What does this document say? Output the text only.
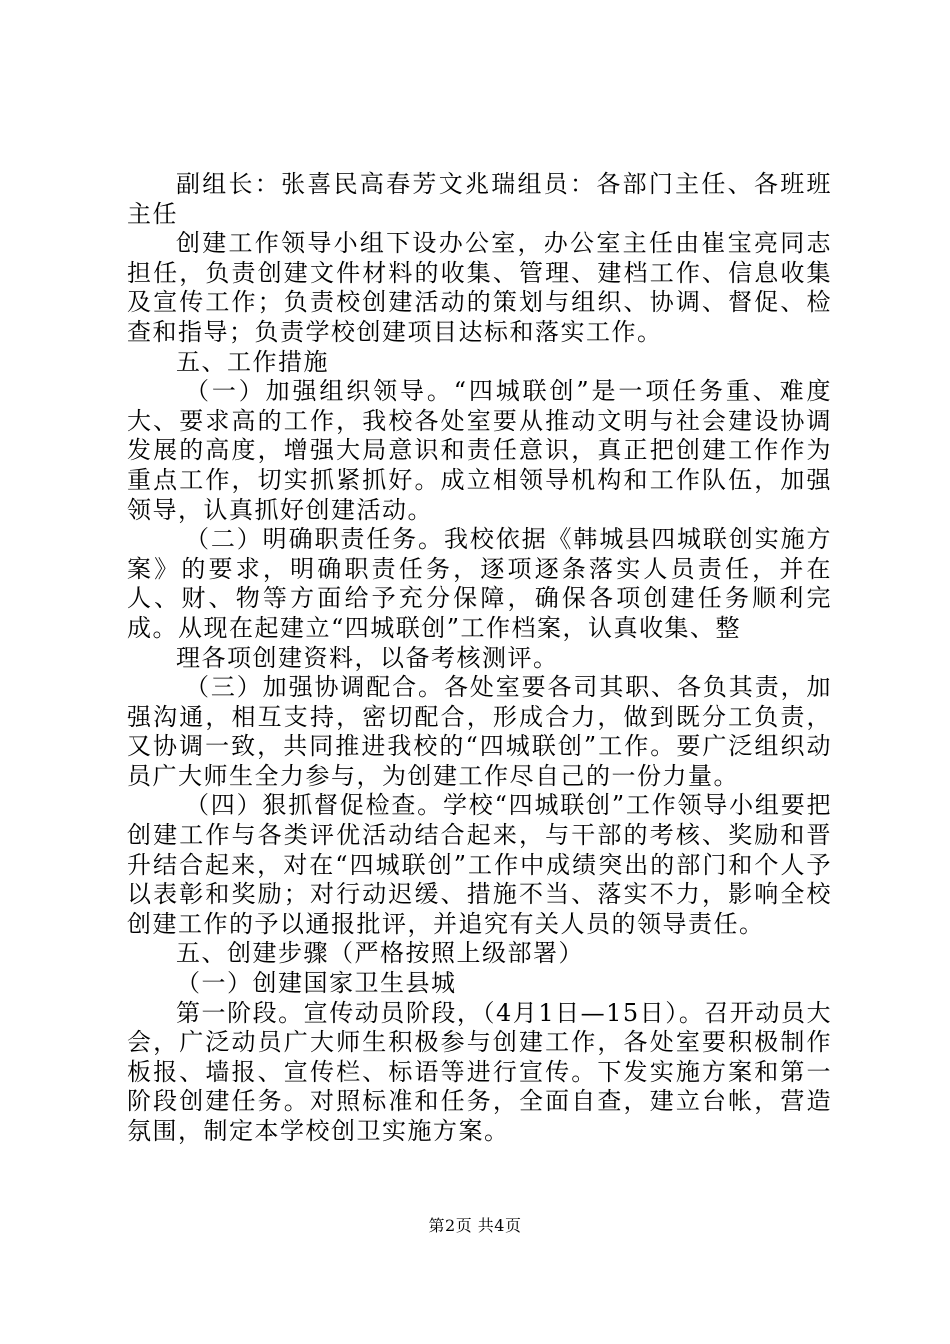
副组长：张喜民高春芳文兆瑞组员：各部门主任、各班班主任

创建工作领导小组下设办公室，办公室主任由崔宝亮同志担任，负责创建文件材料的收集、管理、建档工作、信息收集及宣传工作；负责校创建活动的策划与组织、协调、督促、检查和指导；负责学校创建项目达标和落实工作。

五、工作措施

（一）加强组织领导。“四城联创”是一项任务重、难度大、要求高的工作，我校各处室要从推动文明与社会建设协调发展的高度，增强大局意识和责任意识，真正把创建工作作为重点工作，切实抓紧抓好。成立相领导机构和工作队伍，加强领导，认真抓好创建活动。

（二）明确职责任务。我校依据《韩城县四城联创实施方案》的要求，明确职责任务，逐项逐条落实人员责任，并在人、财、物等方面给予充分保障，确保各项创建任务顺利完成。从现在起建立“四城联创”工作档案，认真收集、整

理各项创建资料，以备考核测评。

（三）加强协调配合。各处室要各司其职、各负其责，加强沟通，相互支持，密切配合，形成合力，做到既分工负责，又协调一致，共同推进我校的“四城联创”工作。要广泛组织动员广大师生全力参与，为创建工作尽自己的一份力量。

（四）狠抓督促检查。学校“四城联创”工作领导小组要把创建工作与各类评优活动结合起来，与干部的考核、奖励和晋升结合起来，对在“四城联创”工作中成绩突出的部门和个人予以表彰和奖励；对行动迟缓、措施不当、落实不力，影响全校创建工作的予以通报批评，并追究有关人员的领导责任。

五、创建步骤（严格按照上级部署）

（一）创建国家卫生县城

第一阶段。宣传动员阶段，（4月1日—15日）。召开动员大会，广泛动员广大师生积极参与创建工作，各处室要积极制作板报、墙报、宣传栏、标语等进行宣传。下发实施方案和第一阶段创建任务。对照标准和任务，全面自查，建立台帐，营造氛围，制定本学校创卫实施方案。

第2页 共4页
